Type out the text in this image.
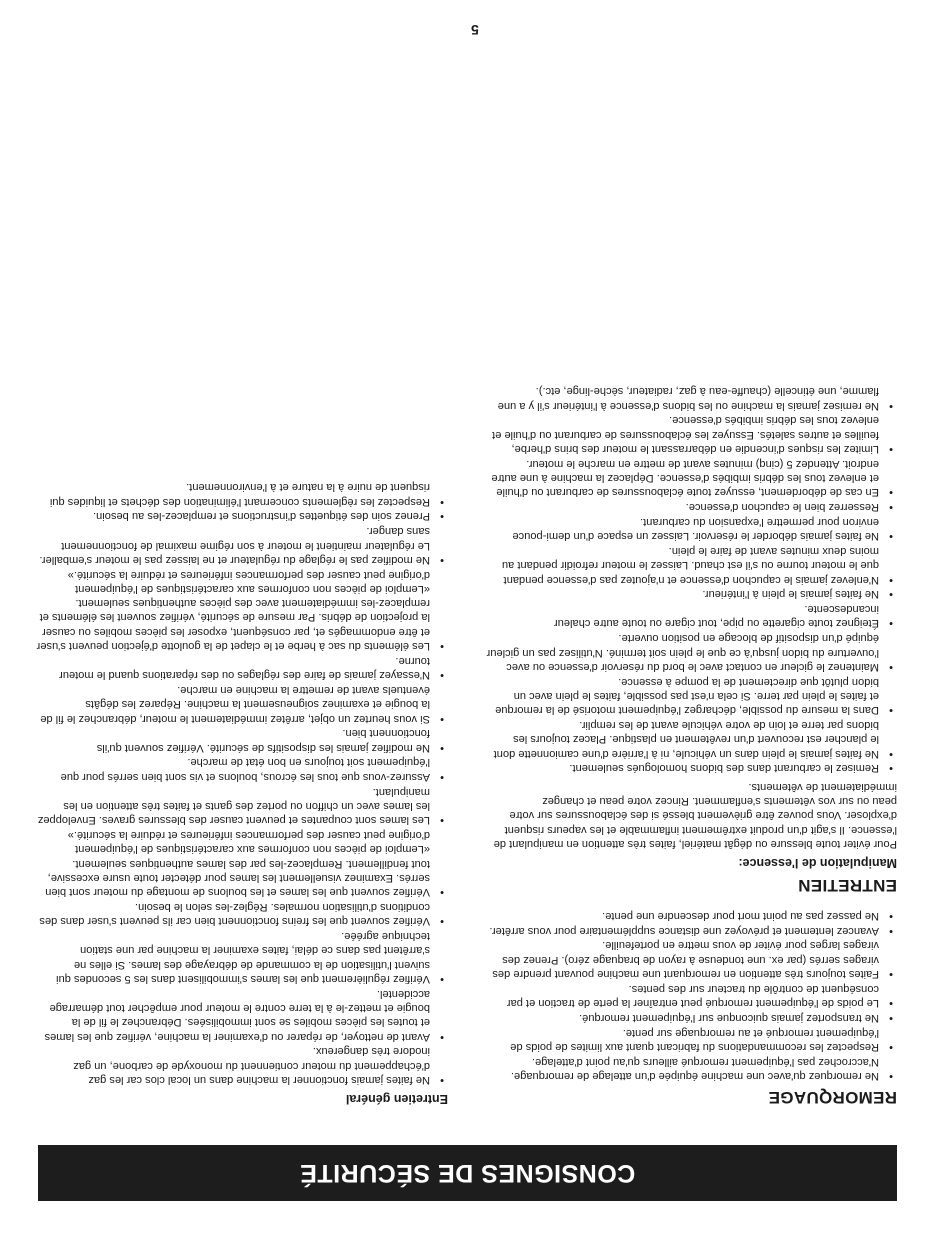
CONSIGNES DE SÉCURITÉ
REMORQUAGE
• Ne remorquez qu'avec une machine équipée d'un attelage de remorquage. N'accrochez pas l'équipement remorqué ailleurs qu'au point d'attelage.
• Respectez les recommandations du fabricant quant aux limites de poids de l'équipement remorqué et au remorquage sur pente.
• Ne transportez jamais quiconque sur l'équipement remorqué.
• Le poids de l'équipement remorqué peut entraîner la perte de traction et par conséquent de contrôle du tracteur sur des pentes.
• Faites toujours très attention en remorquant une machine pouvant prendre des virages serrés (par ex. une tondeuse à rayon de braquage zéro). Prenez des virages larges pour éviter de vous mettre en portefeuille.
• Avancez lentement et prévoyez une distance supplémentaire pour vous arrêter.
• Ne passez pas au point mort pour descendre une pente.
ENTRETIEN
Manipulation de l'essence:

Pour éviter toute blessure ou dégât matériel, faites très attention en manipulant de l'essence. Il s'agit d'un produit extrêmement inflammable et les vapeurs risquent d'exploser. Vous pouvez être grièvement blessé si des éclaboussures sur votre peau ou sur vos vêtements s'enflamment. Rincez votre peau et changez immédiatement de vêtements.

• Remisez le carburant dans des bidons homologués seulement.
• Ne faites jamais le plein dans un véhicule, ni à l'arrière d'une camionnette dont le plancher est recouvert d'un revêtement en plastique. Placez toujours les bidons par terre et loin de votre véhicule avant de les remplir.
• Dans la mesure du possible, déchargez l'équipement motorisé de la remorque et faites le plein par terre. Si cela n'est pas possible, faites le plein avec un bidon plutôt que directement de la pompe à essence.
• Maintenez le gicleur en contact avec le bord du réservoir d'essence ou avec l'ouverture du bidon jusqu'à ce que le plein soit terminé. N'utilisez pas un gicleur équipé d'un dispositif de blocage en position ouverte.
• Éteignez toute cigarette ou pipe, tout cigare ou toute autre chaleur incandescente.
• Ne faites jamais le plein à l'intérieur.
• N'enlevez jamais le capuchon d'essence et n'ajoutez pas d'essence pendant que le moteur tourne ou s'il est chaud. Laissez le moteur refroidir pendant au moins deux minutes avant de faire le plein.
• Ne faites jamais déborder le réservoir. Laissez un espace d'un demi-pouce environ pour permettre l'expansion du carburant.
• Resserrez bien le capuchon d'essence.
• En cas de débordement, essuyez toute éclaboussures de carburant ou d'huile et enlevez tous les débris imbibés d'essence. Déplacez la machine à une autre endroit. Attendez 5 (cinq) minutes avant de mettre en marche le moteur.
• Limitez les risques d'incendie en débarrassant le moteur des brins d'herbe, feuilles et autres saletés. Essuyez les éclaboussures de carburant ou d'huile et enlevez tous les débris imbibés d'essence.
• Ne remisez jamais la machine ou les bidons d'essence à l'intérieur s'il y a une flamme, une étincelle (chauffe-eau à gaz, radiateur, sèche-linge, etc.).
Entretien général
• Ne faites jamais fonctionner la machine dans un local clos car les gaz d'échappement du moteur contiennent du monoxyde de carbone, un gaz inodore très dangereux.
• Avant de nettoyer, de réparer ou d'examiner la machine, vérifiez que les lames et toutes les pièces mobiles se sont immobilisées. Débranchez le fil de la bougie et mettez-le à la terre contre le moteur pour empêcher tout démarrage accidentel.
• Vérifiez régulièrement que les lames s'immobilisent dans les 5 secondes qui suivent l'utilisation de la commande de débrayage des lames. Si elles ne s'arrêtent pas dans ce délai, faites examiner la machine par une station technique agréée.
• Vérifiez souvent que les freins fonctionnent bien car ils peuvent s'user dans des conditions d'utilisation normales. Réglez-les selon le besoin.
• Vérifiez souvent que les lames et les boulons de montage du moteur sont bien serrés. Examinez visuellement les lames pour détecter toute usure excessive, tout fendillement. Remplacez-les par des lames authentiques seulement. «Lemploi de pièces non conformes aux caractéristiques de l'équipement d'origine peut causer des performances inférieures et réduire la sécurité.»
• Les lames sont coupantes et peuvent causer des blessures graves. Enveloppez les lames avec un chiffon ou portez des gants et faites très attention en les manipulant.
• Assurez-vous que tous les écrous, boulons et vis sont bien serrés pour que l'équipement soit toujours en bon état de marche.
• Ne modifiez jamais les dispositifs de sécurité. Vérifiez souvent qu'ils fonctionnent bien.
• Si vous heurtez un objet, arrêtez immédiatement le moteur, débranchez le fil de la bougie et examinez soigneusement la machine. Réparez les dégâts éventuels avant de remettre la machine en marche.
• N'essayez jamais de faire des réglages ou des réparations quand le moteur tourne.
• Les éléments du sac à herbe et le clapet de la goulotte d'éjection peuvent s'user et être endommagés et, par conséquent, exposer les pièces mobiles ou causer la projection de débris. Par mesure de sécurité, vérifiez souvent les éléments et remplacez-les immédiatement avec des pièces authentiques seulement. «Lemploi de pièces non conformes aux caractéristiques de l'équipement d'origine peut causer des performances inférieures et réduire la sécurité.»
• Ne modifiez pas le réglage du régulateur et ne laissez pas le moteur s'emballer. Le régulateur maintient le moteur à son régime maximal de fonctionnement sans danger.
• Prenez soin des étiquettes d'instructions et remplacez-les au besoin.
• Respectez les règlements concernant l'élimination des déchets et liquides qui risquent de nuire à la nature et à l'environnement.
5
